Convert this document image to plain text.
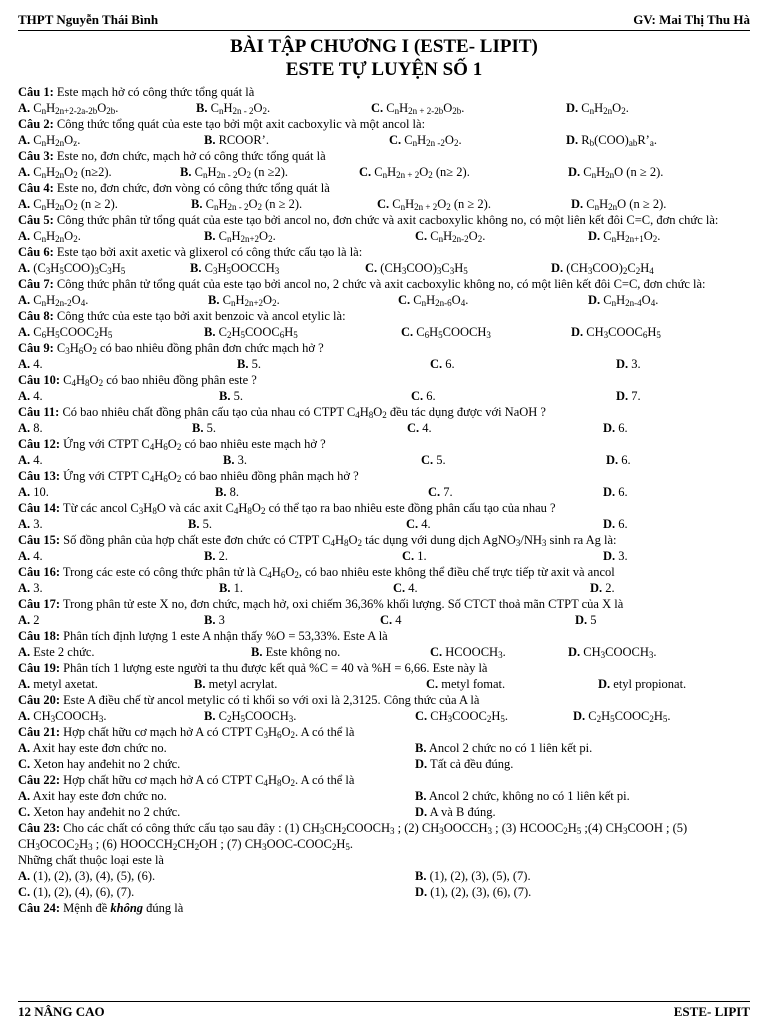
THPT Nguyễn Thái Bình	GV: Mai Thị Thu Hà
BÀI TẬP CHƯƠNG I (ESTE- LIPIT)
ESTE TỰ LUYỆN SỐ 1
Câu 1: Este mạch hở có công thức tổng quát là
A. $C_nH_{2n+2-2a-2b}O_{2b}$.	B. $C_nH_{2n - 2}O_2$.	C. $C_nH_{2n + 2-2b}O_{2b}$.	D. $C_nH_{2n}O_2$.
Câu 2: Công thức tổng quát của este tạo bởi một axit cacboxylic và một ancol là:
A. $C_nH_{2n}O_z$.	B. RCOOR’.	C. $C_nH_{2n -2}O_2$.	D. $R_b(COO)_{ab}R’_a$.
Câu 3: Este no, đơn chức, mạch hở có công thức tổng quát là
A. $C_nH_{2n}O_2$ (n≥2).	B. $C_nH_{2n - 2}O_2$ (n ≥2).	C. $C_nH_{2n + 2}O_2$ (n≥ 2).	D. $C_nH_{2n}O$ (n ≥ 2).
Câu 4: Este no, đơn chức, đơn vòng có công thức tổng quát là
A. $C_nH_{2n}O_2$ (n ≥ 2).	B. $C_nH_{2n - 2}O_2$ (n ≥ 2).	C. $C_nH_{2n + 2}O_2$ (n ≥ 2).	D. $C_nH_{2n}O$ (n ≥ 2).
Câu 5: Công thức phân tử tổng quát của este tạo bởi ancol no, đơn chức và axit cacboxylic không no, có một liên kết đôi C=C, đơn chức là:
A. $C_nH_{2n}O_2$.	B. $C_nH_{2n+2}O_2$.	C. $C_nH_{2n-2}O_2$.	D. $C_nH_{2n+1}O_2$.
Câu 6: Este tạo bởi axit axetic và glixerol có công thức cấu tạo là là:
A. $(C_3H_5COO)_3C_3H_5$	B. $C_3H_5OOCCH_3$	C. $(CH_3COO)_3C_3H_5$	D. $(CH_3COO)_2C_2H_4$
Câu 7: Công thức phân tử tổng quát của este tạo bởi ancol no, 2 chức và axit cacboxylic không no, có một liên kết đôi C=C, đơn chức là:
A. $C_nH_{2n-2}O_4$.	B. $C_nH_{2n+2}O_2$.	C. $C_nH_{2n-6}O_4$.	D. $C_nH_{2n-4}O_4$.
Câu 8: Công thức của este tạo bởi axit benzoic và ancol etylic là:
A. $C_6H_5COOC_2H_5$	B. $C_2H_5COOC_6H_5$	C. $C_6H_5COOCH_3$	D. $CH_3COOC_6H_5$
Câu 9: $C_3H_6O_2$ có bao nhiêu đồng phân đơn chức mạch hở ?
A. 4.	B. 5.	C. 6.	D. 3.
Câu 10: $C_4H_8O_2$ có bao nhiêu đồng phân este ?
A. 4.	B. 5.	C. 6.	D. 7.
Câu 11: Có bao nhiêu chất đồng phân cấu tạo của nhau có CTPT $C_4H_8O_2$ đều tác dụng được với NaOH ?
A. 8.	B. 5.	C. 4.	D. 6.
Câu 12: Ứng với CTPT $C_4H_6O_2$ có bao nhiêu este mạch hở ?
A. 4.	B. 3.	C. 5.	D. 6.
Câu 13: Ứng với CTPT $C_4H_6O_2$ có bao nhiêu đồng phân mạch hở ?
A. 10.	B. 8.	C. 7.	D. 6.
Câu 14: Từ các ancol $C_3H_8O$ và các axit $C_4H_8O_2$ có thể tạo ra bao nhiêu este đồng phân cấu tạo của nhau ?
A. 3.	B. 5.	C. 4.	D. 6.
Câu 15: Số đồng phân của hợp chất este đơn chức có CTPT $C_4H_8O_2$ tác dụng với dung dịch $AgNO_3/NH_3$ sinh ra Ag là:
A. 4.	B. 2.	C. 1.	D. 3.
Câu 16: Trong các este có công thức phân tử là $C_4H_6O_2$, có bao nhiêu este không thể điều chế trực tiếp từ axit và ancol
A. 3.	B. 1.	C. 4.	D. 2.
Câu 17: Trong phân tử este X no, đơn chức, mạch hở, oxi chiếm 36,36% khối lượng. Số CTCT thoả mãn CTPT của X là
A. 2	B. 3	C. 4	D. 5
Câu 18: Phân tích định lượng 1 este A nhận thấy %O = 53,33%. Este A là
A. Este 2 chức.	B. Este không no.	C. $HCOOCH_3$.	D. $CH_3COOCH_3$.
Câu 19: Phân tích 1 lượng este người ta thu được kết quả %C = 40 và %H = 6,66. Este này là
A. metyl axetat.	B. metyl acrylat.	C. metyl fomat.	D. etyl propionat.
Câu 20: Este A điều chế từ ancol metylic có tỉ khối so với oxi là 2,3125. Công thức của A là
A. $CH_3COOCH_3$.	B. $C_2H_5COOCH_3$.	C. $CH_3COOC_2H_5$.	D. $C_2H_5COOC_2H_5$.
Câu 21: Hợp chất hữu cơ mạch hở A có CTPT $C_3H_6O_2$. A có thể là
A. Axit hay este đơn chức no.	B. Ancol 2 chức no có 1 liên kết pi.
C. Xeton hay anđehit no 2 chức.	D. Tất cả đều đúng.
Câu 22: Hợp chất hữu cơ mạch hở A có CTPT $C_4H_8O_2$. A có thể là
A. Axit hay este đơn chức no.	B. Ancol 2 chức, không no có 1 liên kết pi.
C. Xeton hay anđehit no 2 chức.	D. A và B đúng.
Câu 23: Cho các chất có công thức cấu tạo sau đây : (1) $CH_3CH_2COOCH_3$ ; (2) $CH_3OOCCH_3$ ; (3) $HCOOC_2H_5$ ;(4) $CH_3COOH$ ; (5) $CH_3OCOC_2H_3$ ; (6) $HOOCCH_2CH_2OH$ ; (7) $CH_3OOC-COOC_2H_5$.
Những chất thuộc loại este là
A. (1), (2), (3), (4), (5), (6).	B. (1), (2), (3), (5), (7).
C. (1), (2), (4), (6), (7).	D. (1), (2), (3), (6), (7).
Câu 24: Mệnh đề không đúng là
12 NÂNG CAO	ESTE- LIPIT
